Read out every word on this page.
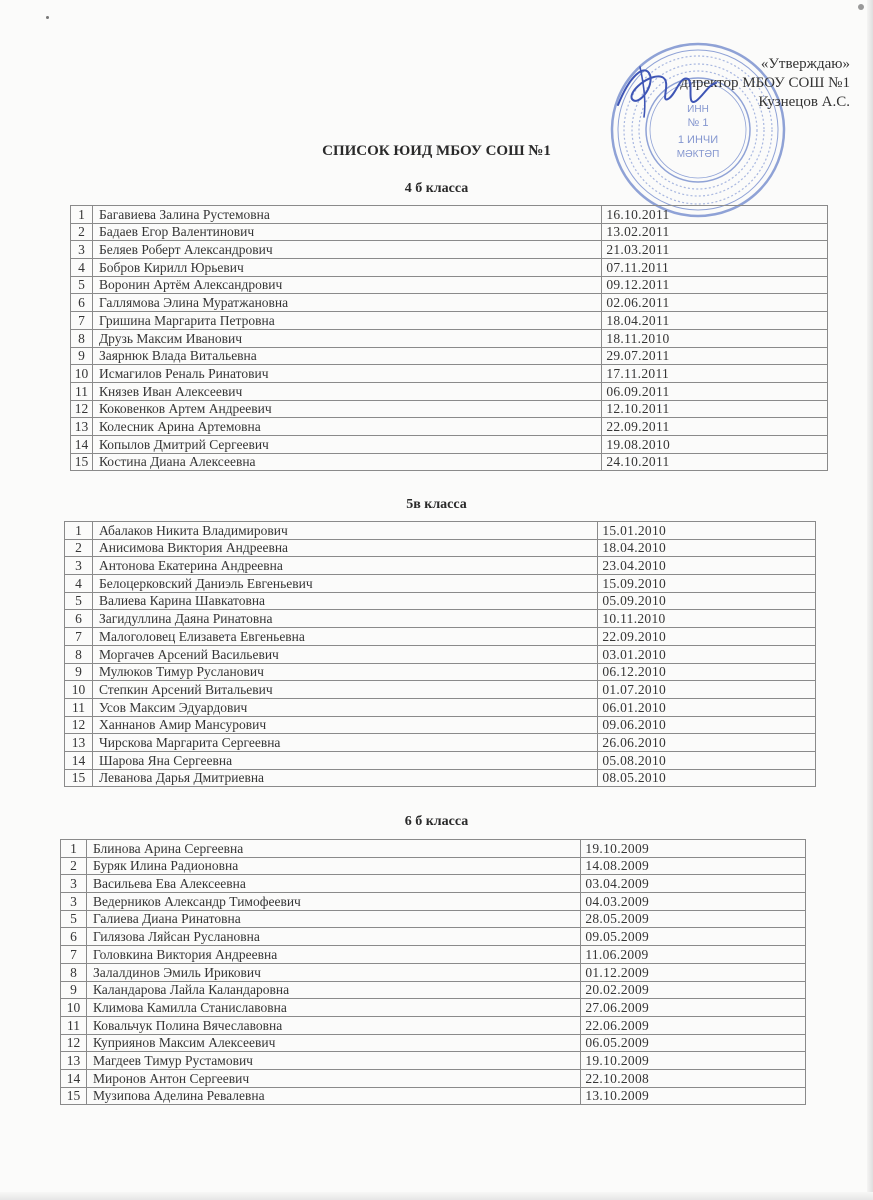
ИНН
№ 1
1 ИНЧИ
МӘКТӘП
«Утверждаю»
директор МБОУ СОШ №1
Кузнецов А.С.
СПИСОК ЮИД МБОУ СОШ №1
4 б класса
1	Багавиева Залина Рустемовна	16.10.2011
2	Бадаев Егор Валентинович	13.02.2011
3	Беляев Роберт Александрович	21.03.2011
4	Бобров Кирилл Юрьевич	07.11.2011
5	Воронин Артём Александрович	09.12.2011
6	Галлямова Элина Муратжановна	02.06.2011
7	Гришина Маргарита Петровна	18.04.2011
8	Друзь Максим Иванович	18.11.2010
9	Заярнюк Влада Витальевна	29.07.2011
10	Исмагилов Реналь Ринатович	17.11.2011
11	Князев Иван Алексеевич	06.09.2011
12	Коковенков Артем Андреевич	12.10.2011
13	Колесник Арина Артемовна	22.09.2011
14	Копылов Дмитрий Сергеевич	19.08.2010
15	Костина Диана Алексеевна	24.10.2011
5в класса
1	Абалаков Никита Владимирович	15.01.2010
2	Анисимова Виктория Андреевна	18.04.2010
3	Антонова Екатерина Андреевна	23.04.2010
4	Белоцерковский Даниэль Евгеньевич	15.09.2010
5	Валиева Карина Шавкатовна	05.09.2010
6	Загидуллина Даяна Ринатовна	10.11.2010
7	Малоголовец Елизавета Евгеньевна	22.09.2010
8	Моргачев Арсений Васильевич	03.01.2010
9	Мулюков Тимур Русланович	06.12.2010
10	Степкин Арсений Витальевич	01.07.2010
11	Усов Максим Эдуардович	06.01.2010
12	Ханнанов Амир Мансурович	09.06.2010
13	Чирскова Маргарита Сергеевна	26.06.2010
14	Шарова Яна Сергеевна	05.08.2010
15	Леванова Дарья Дмитриевна	08.05.2010
6 б класса
1	Блинова Арина Сергеевна	19.10.2009
2	Буряк Илина Радионовна	14.08.2009
3	Васильева Ева Алексеевна	03.04.2009
3	Ведерников Александр Тимофеевич	04.03.2009
5	Галиева Диана Ринатовна	28.05.2009
6	Гилязова Ляйсан Руслановна	09.05.2009
7	Головкина Виктория Андреевна	11.06.2009
8	Залалдинов Эмиль Ирикович	01.12.2009
9	Каландарова Лайла Каландаровна	20.02.2009
10	Климова Камилла Станиславовна	27.06.2009
11	Ковальчук Полина Вячеславовна	22.06.2009
12	Куприянов Максим Алексеевич	06.05.2009
13	Магдеев Тимур Рустамович	19.10.2009
14	Миронов Антон Сергеевич	22.10.2008
15	Музипова Аделина Ревалевна	13.10.2009
